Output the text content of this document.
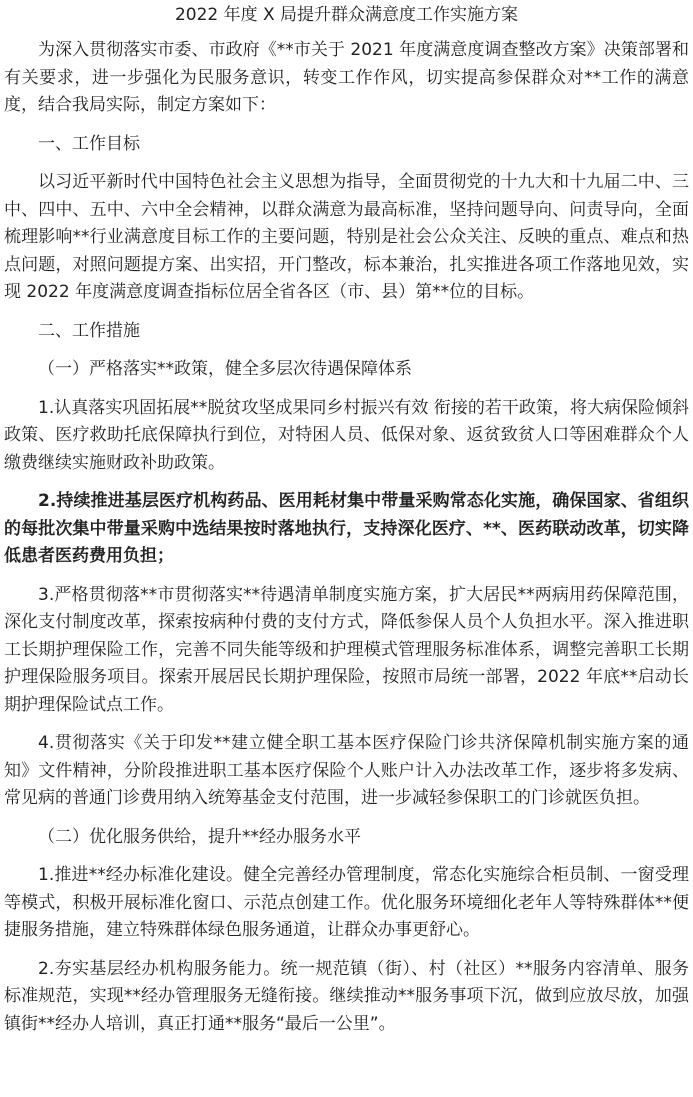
2022 年度 X 局提升群众满意度工作实施方案

为深入贯彻落实市委、市政府《**市关于 2021 年度满意度调查整改方案》决策部署和有关要求，进一步强化为民服务意识，转变工作作风，切实提高参保群众对**工作的满意度，结合我局实际，制定方案如下：

一、工作目标

以习近平新时代中国特色社会主义思想为指导，全面贯彻党的十九大和十九届二中、三中、四中、五中、六中全会精神，以群众满意为最高标准，坚持问题导向、问责导向，全面梳理影响**行业满意度目标工作的主要问题，特别是社会公众关注、反映的重点、难点和热点问题，对照问题提方案、出实招，开门整改，标本兼治，扎实推进各项工作落地见效，实现 2022 年度满意度调查指标位居全省各区（市、县）第**位的目标。

二、工作措施

（一）严格落实**政策，健全多层次待遇保障体系

1.认真落实巩固拓展**脱贫攻坚成果同乡村振兴有效 衔接的若干政策，将大病保险倾斜政策、医疗救助托底保障执行到位，对特困人员、低保对象、返贫致贫人口等困难群众个人缴费继续实施财政补助政策。

2.持续推进基层医疗机构药品、医用耗材集中带量采购常态化实施，确保国家、省组织的每批次集中带量采购中选结果按时落地执行，支持深化医疗、**、医药联动改革，切实降低患者医药费用负担；

3.严格贯彻落**市贯彻落实**待遇清单制度实施方案，扩大居民**两病用药保障范围，深化支付制度改革，探索按病种付费的支付方式，降低参保人员个人负担水平。深入推进职工长期护理保险工作，完善不同失能等级和护理模式管理服务标准体系，调整完善职工长期护理保险服务项目。探索开展居民长期护理保险，按照市局统一部署，2022 年底**启动长期护理保险试点工作。

4.贯彻落实《关于印发**建立健全职工基本医疗保险门诊共济保障机制实施方案的通知》文件精神，分阶段推进职工基本医疗保险个人账户计入办法改革工作，逐步将多发病、常见病的普通门诊费用纳入统筹基金支付范围，进一步减轻参保职工的门诊就医负担。

（二）优化服务供给，提升**经办服务水平

1.推进**经办标准化建设。健全完善经办管理制度，常态化实施综合柜员制、一窗受理等模式，积极开展标准化窗口、示范点创建工作。优化服务环境细化老年人等特殊群体**便捷服务措施，建立特殊群体绿色服务通道，让群众办事更舒心。

2.夯实基层经办机构服务能力。统一规范镇（街）、村（社区）**服务内容清单、服务标准规范，实现**经办管理服务无缝衔接。继续推动**服务事项下沉，做到应放尽放，加强镇街**经办人培训，真正打通**服务“最后一公里”。
